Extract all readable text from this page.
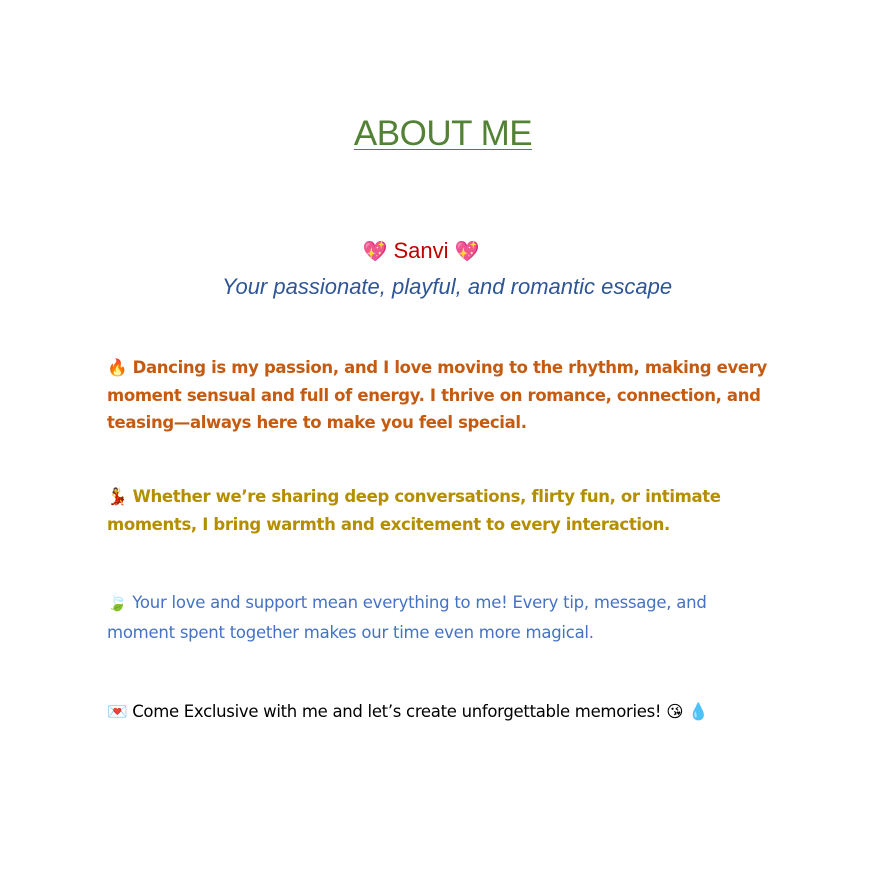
ABOUT ME
💖 Sanvi 💖
Your passionate, playful, and romantic escape
🔥 Dancing is my passion, and I love moving to the rhythm, making every moment sensual and full of energy. I thrive on romance, connection, and teasing—always here to make you feel special.
💃 Whether we’re sharing deep conversations, flirty fun, or intimate moments, I bring warmth and excitement to every interaction.
🍃 Your love and support mean everything to me! Every tip, message, and moment spent together makes our time even more magical.
💌 Come Exclusive with me and let’s create unforgettable memories! 😘 💧
